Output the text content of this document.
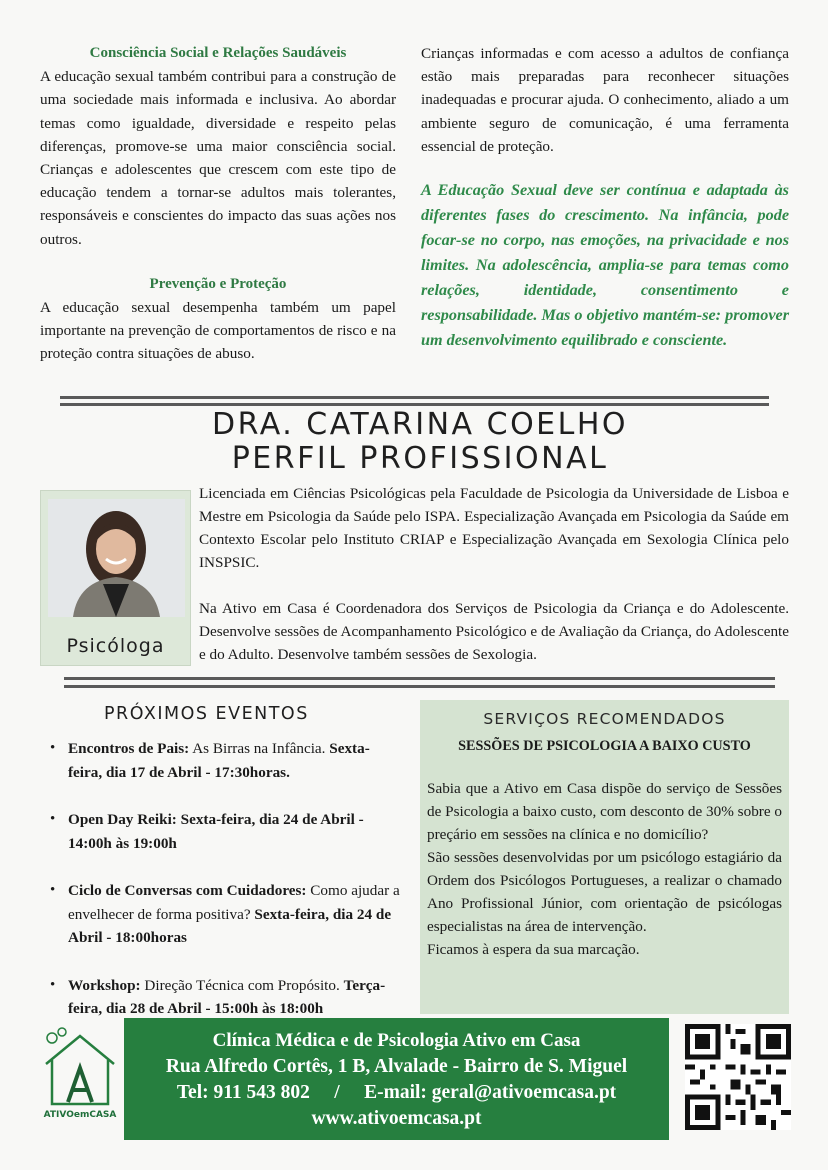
Consciência Social e Relações Saudáveis

A educação sexual também contribui para a construção de uma sociedade mais informada e inclusiva. Ao abordar temas como igualdade, diversidade e respeito pelas diferenças, promove-se uma maior consciência social. Crianças e adolescentes que crescem com este tipo de educação tendem a tornar-se adultos mais tolerantes, responsáveis e conscientes do impacto das suas ações nos outros.

Prevenção e Proteção

A educação sexual desempenha também um papel importante na prevenção de comportamentos de risco e na proteção contra situações de abuso.

Crianças informadas e com acesso a adultos de confiança estão mais preparadas para reconhecer situações inadequadas e procurar ajuda. O conhecimento, aliado a um ambiente seguro de comunicação, é uma ferramenta essencial de proteção.

A Educação Sexual deve ser contínua e adaptada às diferentes fases do crescimento. Na infância, pode focar-se no corpo, nas emoções, na privacidade e nos limites. Na adolescência, amplia-se para temas como relações, identidade, consentimento e responsabilidade. Mas o objetivo mantém-se: promover um desenvolvimento equilibrado e consciente.

DRA. CATARINA COELHO
PERFIL PROFISSIONAL
Psicóloga

Licenciada em Ciências Psicológicas pela Faculdade de Psicologia da Universidade de Lisboa e Mestre em Psicologia da Saúde pelo ISPA. Especialização Avançada em Psicologia da Saúde em Contexto Escolar pelo Instituto CRIAP e Especialização Avançada em Sexologia Clínica pelo INSPSIC.

Na Ativo em Casa é Coordenadora dos Serviços de Psicologia da Criança e do Adolescente. Desenvolve sessões de Acompanhamento Psicológico e de Avaliação da Criança, do Adolescente e do Adulto. Desenvolve também sessões de Sexologia.

PRÓXIMOS EVENTOS
• Encontros de Pais: As Birras na Infância. Sexta-feira, dia 17 de Abril - 17:30horas.
• Open Day Reiki: Sexta-feira, dia 24 de Abril - 14:00h às 19:00h
• Ciclo de Conversas com Cuidadores: Como ajudar a envelhecer de forma positiva? Sexta-feira, dia 24 de Abril - 18:00horas
• Workshop: Direção Técnica com Propósito. Terça-feira, dia 28 de Abril - 15:00h às 18:00h
SERVIÇOS RECOMENDADOS
SESSÕES DE PSICOLOGIA A BAIXO CUSTO

Sabia que a Ativo em Casa dispõe do serviço de Sessões de Psicologia a baixo custo, com desconto de 30% sobre o preçário em sessões na clínica e no domicílio?

São sessões desenvolvidas por um psicólogo estagiário da Ordem dos Psicólogos Portugueses, a realizar o chamado Ano Profissional Júnior, com orientação de psicólogas especialistas na área de intervenção.

Ficamos à espera da sua marcação.

ATIVOemCASA
Clínica Médica e de Psicologia Ativo em Casa
Rua Alfredo Cortês, 1 B, Alvalade - Bairro de S. Miguel
Tel: 911 543 802     /     E-mail: geral@ativoemcasa.pt
www.ativoemcasa.pt
